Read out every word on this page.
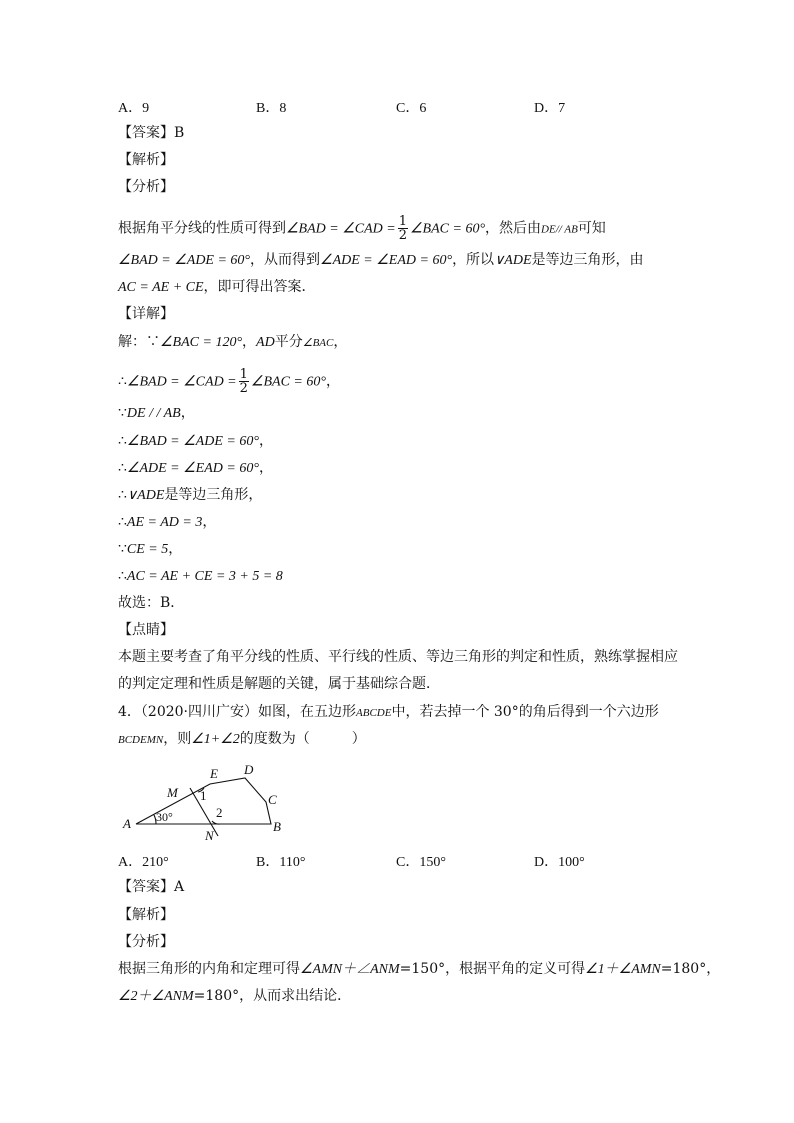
A．9	B．8	C．6	D．7
【答案】B
【解析】
【分析】
根据角平分线的性质可得到∠BAD = ∠CAD = $\frac{1}{2}$ ∠BAC = 60°，然后由DE// AB可知
∠BAD = ∠ADE = 60°，从而得到∠ADE = ∠EAD = 60°，所以∨ADE是等边三角形，由
AC = AE + CE，即可得出答案．
【详解】
解：∵∠BAC = 120°，AD平分∠BAC，
∴∠BAD = ∠CAD = $\frac{1}{2}$ ∠BAC = 60°，
∵DE / / AB，
∴∠BAD = ∠ADE = 60°，
∴∠ADE = ∠EAD = 60°，
∴∨ADE是等边三角形，
∴AE = AD = 3，
∵CE = 5，
∴AC = AE + CE = 3 + 5 = 8
故选：B．
【点睛】
本题主要考查了角平分线的性质、平行线的性质、等边三角形的判定和性质，熟练掌握相应
的判定定理和性质是解题的关键，属于基础综合题．
4．（2020·四川广安）如图，在五边形ABCDE中，若去掉一个 30°的角后得到一个六边形
BCDEMN，则∠1+∠2的度数为（　　　）
A	B
C
D
E
M
N
1
2
30°
A．210°	B．110°	C．150°	D．100°
【答案】A
【解析】
【分析】
根据三角形的内角和定理可得∠AMN＋∠ANM=150°，根据平角的定义可得∠1＋∠AMN=180°，
∠2＋∠ANM=180°，从而求出结论．
